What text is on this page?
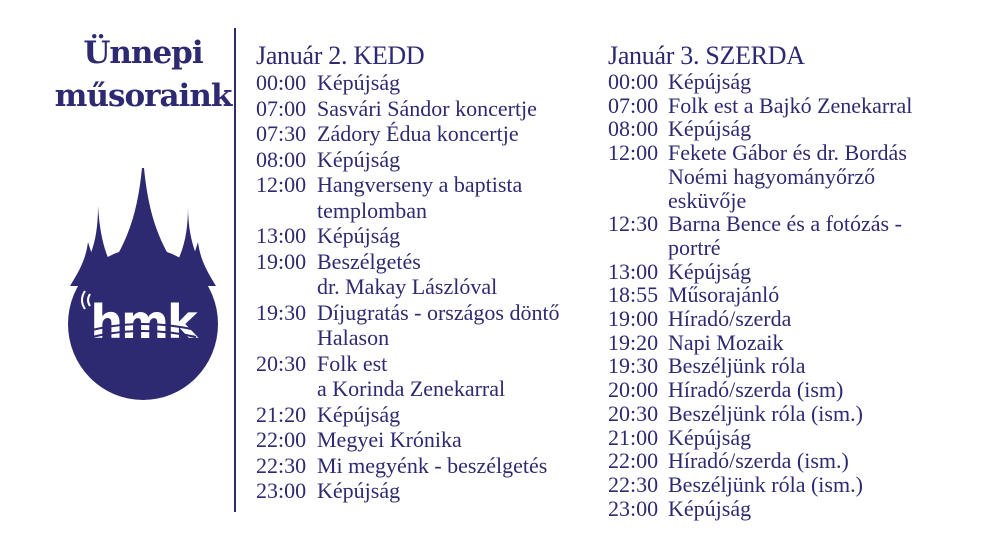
Ünnepi
műsoraink
hmk
Január 2. KEDD
00:00 Képújság
07:00 Sasvári Sándor koncertje
07:30 Zádory Édua koncertje
08:00 Képújság
12:00 Hangverseny a baptista
templomban
13:00 Képújság
19:00 Beszélgetés
dr. Makay Lászlóval
19:30 Díjugratás - országos döntő
Halason
20:30 Folk est
a Korinda Zenekarral
21:20 Képújság
22:00 Megyei Krónika
22:30 Mi megyénk - beszélgetés
23:00 Képújság
Január 3. SZERDA
00:00 Képújság
07:00 Folk est a Bajkó Zenekarral
08:00 Képújság
12:00 Fekete Gábor és dr. Bordás
Noémi hagyományőrző
esküvője
12:30 Barna Bence és a fotózás -
portré
13:00 Képújság
18:55 Műsorajánló
19:00 Híradó/szerda
19:20 Napi Mozaik
19:30 Beszéljünk róla
20:00 Híradó/szerda (ism)
20:30 Beszéljünk róla (ism.)
21:00 Képújság
22:00 Híradó/szerda (ism.)
22:30 Beszéljünk róla (ism.)
23:00 Képújság
